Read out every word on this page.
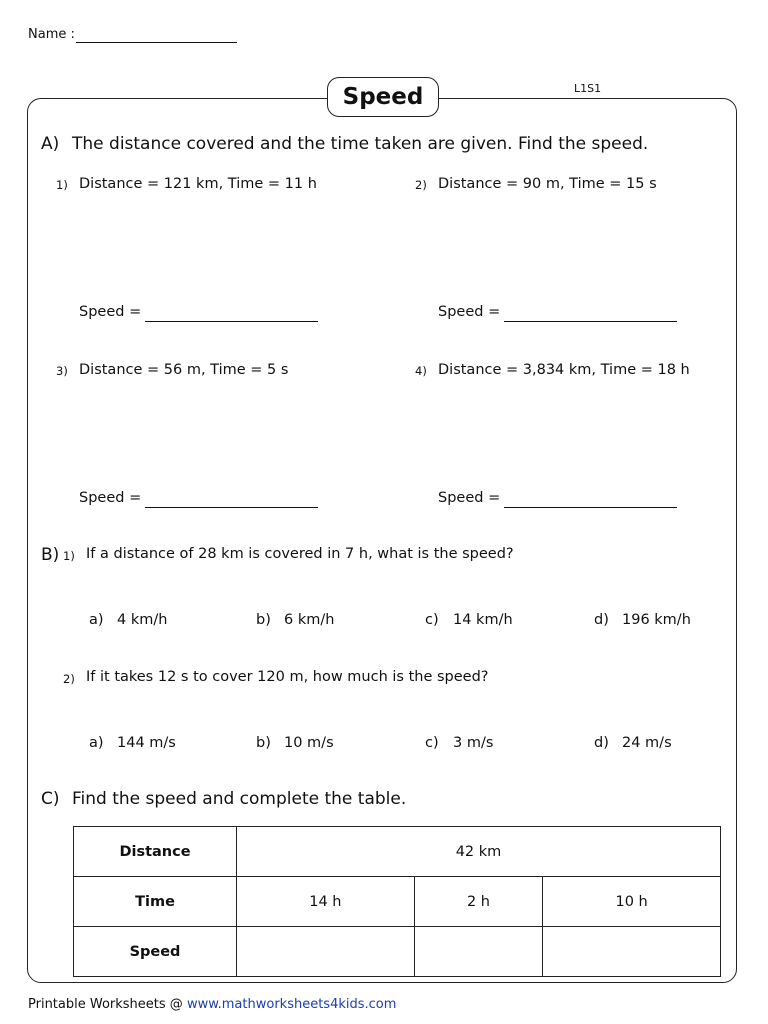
Name :
L1S1
Speed
A) The distance covered and the time taken are given. Find the speed.
1) Distance = 121 km, Time = 11 h	2) Distance = 90 m, Time = 15 s
Speed =	Speed =
3) Distance = 56 m, Time = 5 s	4) Distance = 3,834 km, Time = 18 h
Speed =	Speed =
B) 1) If a distance of 28 km is covered in 7 h, what is the speed?
a) 4 km/h	b) 6 km/h	c) 14 km/h	d) 196 km/h
2) If it takes 12 s to cover 120 m, how much is the speed?
a) 144 m/s	b) 10 m/s	c) 3 m/s	d) 24 m/s
C) Find the speed and complete the table.
Distance	42 km		
Time	14 h	2 h	10 h
Speed			
Printable Worksheets @ www.mathworksheets4kids.com
